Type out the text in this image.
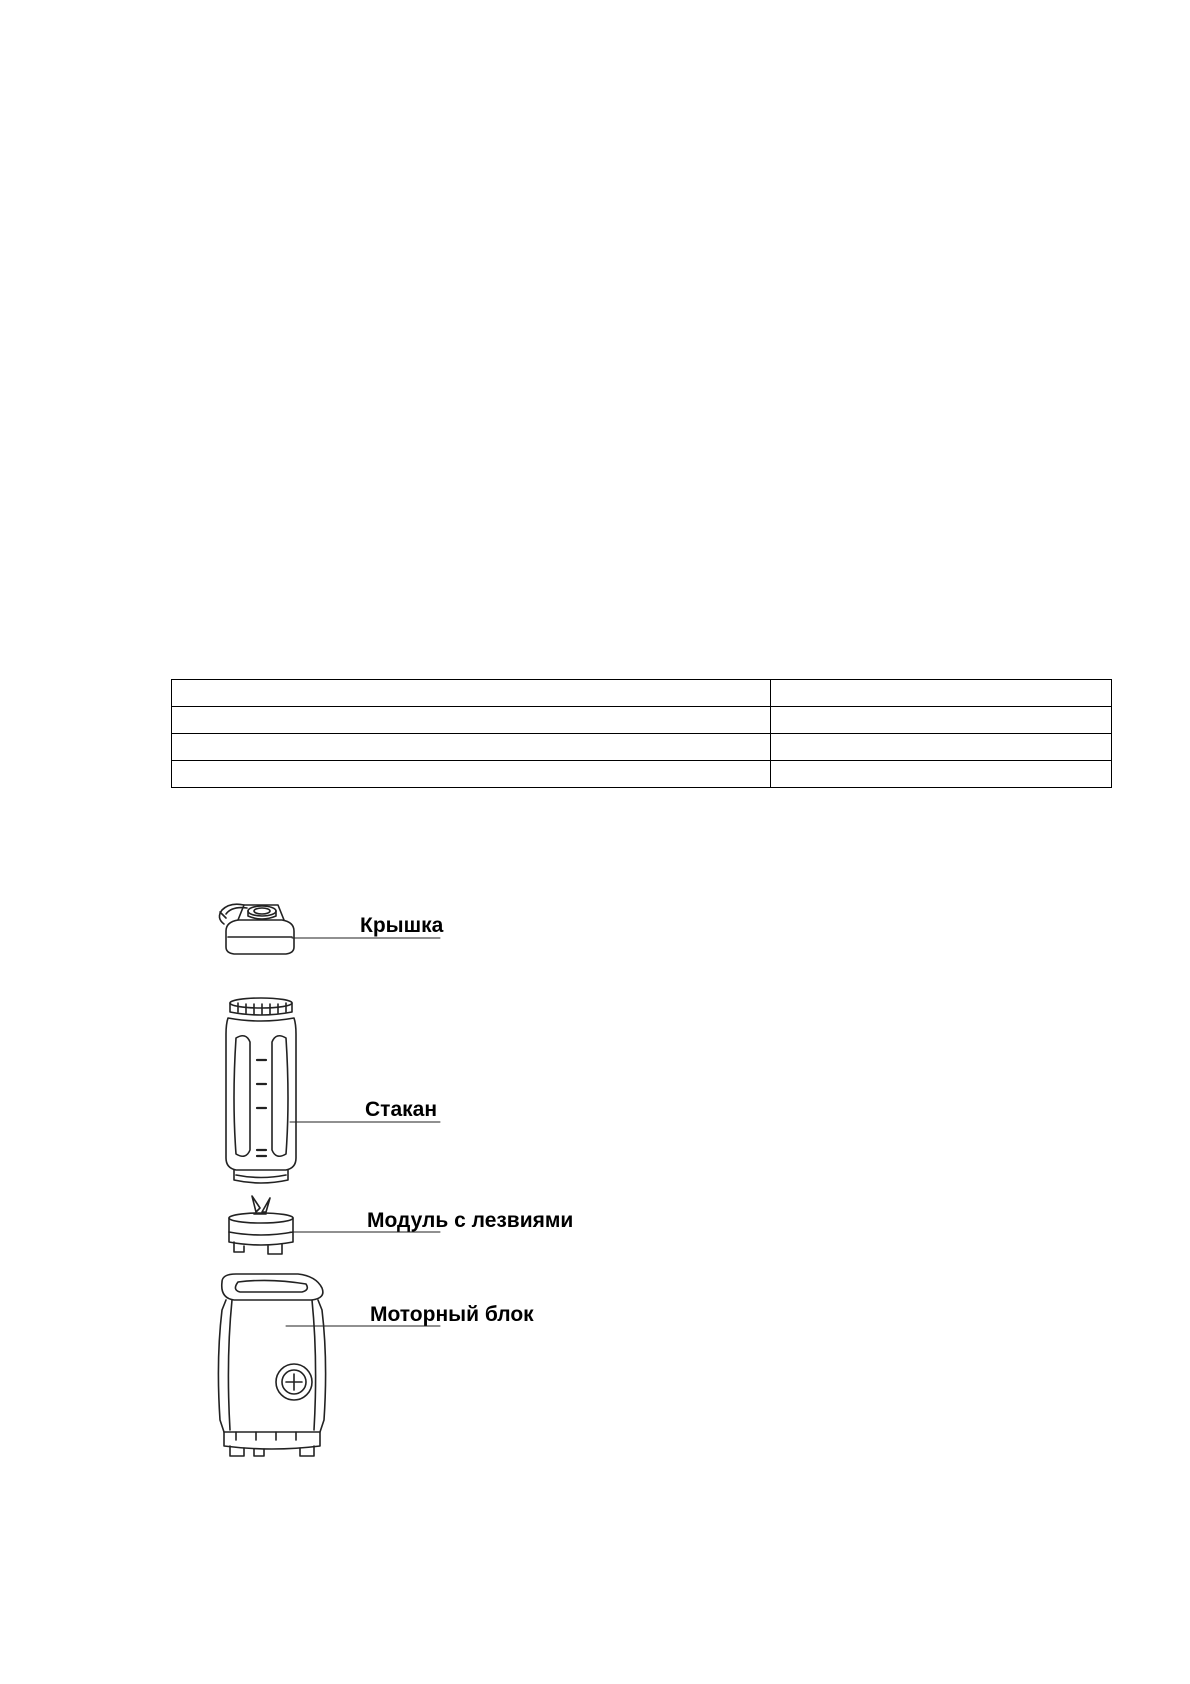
Крышка
Стакан
Модуль с лезвиями
Моторный блок
